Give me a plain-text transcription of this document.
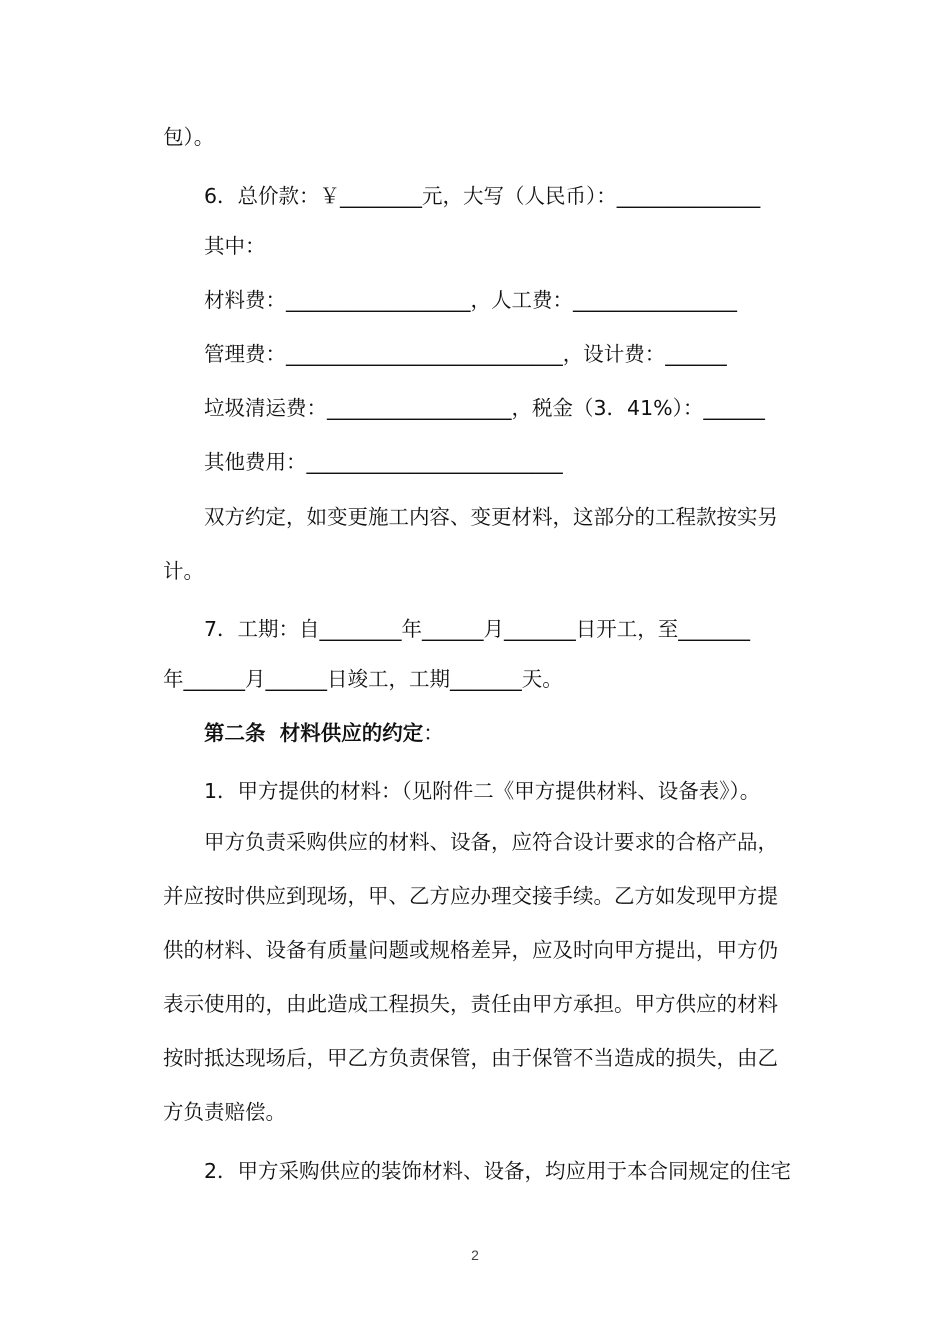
包）。
6．总价款：￥________元，大写（人民币）：______________
其中：
材料费：__________________，人工费：________________
管理费：___________________________，设计费：______
垃圾清运费：__________________，税金（3．41%）：______
其他费用：_________________________
双方约定，如变更施工内容、变更材料，这部分的工程款按实另
计。
7．工期：自________年______月_______日开工，至_______
年______月______日竣工，工期_______天。
第二条  材料供应的约定：
1．甲方提供的材料：（见附件二《甲方提供材料、设备表》）。
甲方负责采购供应的材料、设备，应符合设计要求的合格产品，
并应按时供应到现场，甲、乙方应办理交接手续。乙方如发现甲方提
供的材料、设备有质量问题或规格差异，应及时向甲方提出，甲方仍
表示使用的，由此造成工程损失，责任由甲方承担。甲方供应的材料
按时抵达现场后，甲乙方负责保管，由于保管不当造成的损失，由乙
方负责赔偿。
2．甲方采购供应的装饰材料、设备，均应用于本合同规定的住宅
2
